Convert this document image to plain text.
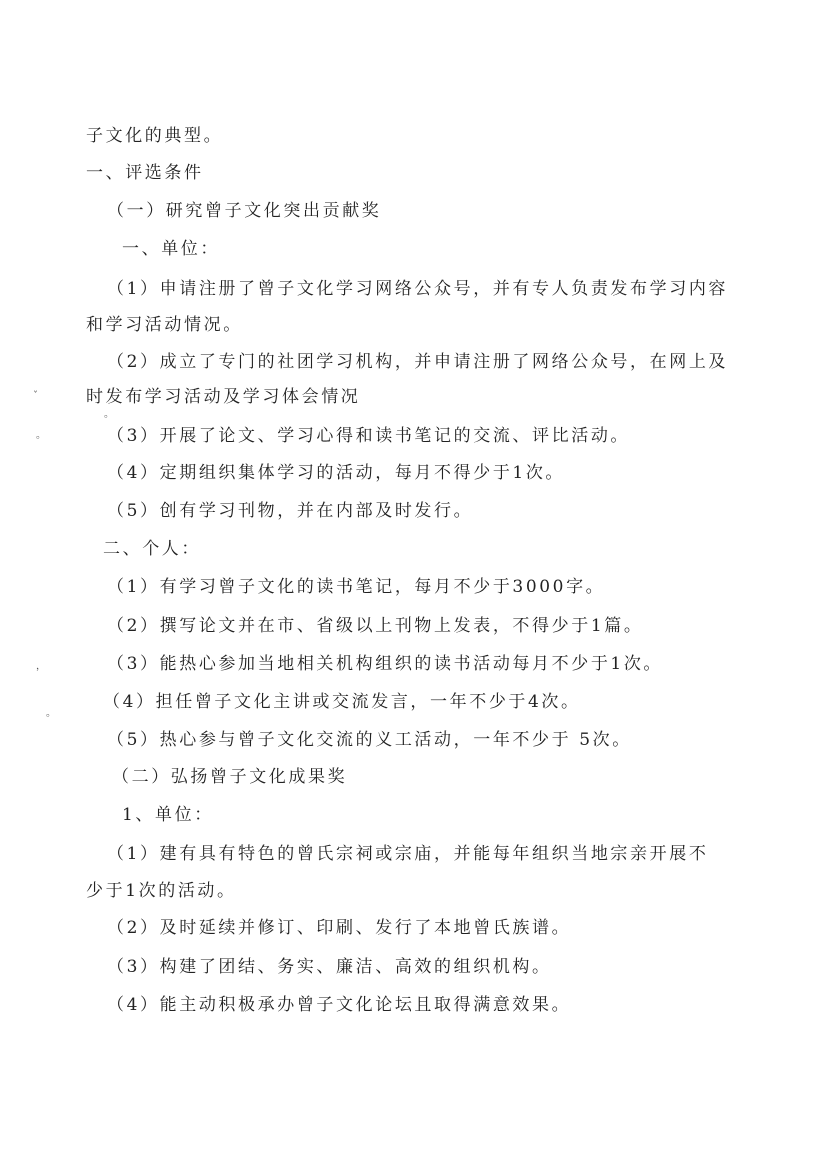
子文化的典型。
一、评选条件
（一）研究曾子文化突出贡献奖
一、单位：
（1）申请注册了曾子文化学习网络公众号，并有专人负责发布学习内容
和学习活动情况。
（2）成立了专门的社团学习机构，并申请注册了网络公众号，在网上及
时发布学习活动及学习体会情况
（3）开展了论文、学习心得和读书笔记的交流、评比活动。
（4）定期组织集体学习的活动，每月不得少于1次。
（5）创有学习刊物，并在内部及时发行。
二、个人：
（1）有学习曾子文化的读书笔记，每月不少于3000字。
（2）撰写论文并在市、省级以上刊物上发表，不得少于1篇。
（3）能热心参加当地相关机构组织的读书活动每月不少于1次。
（4）担任曾子文化主讲或交流发言，一年不少于4次。
（5）热心参与曾子文化交流的义工活动，一年不少于 5次。
（二）弘扬曾子文化成果奖
1、单位：
（1）建有具有特色的曾氏宗祠或宗庙，并能每年组织当地宗亲开展不
少于1次的活动。
（2）及时延续并修订、印刷、发行了本地曾氏族谱。
（3）构建了团结、务实、廉洁、高效的组织机构。
（4）能主动积极承办曾子文化论坛且取得满意效果。
ˇ
。
。
，
。
